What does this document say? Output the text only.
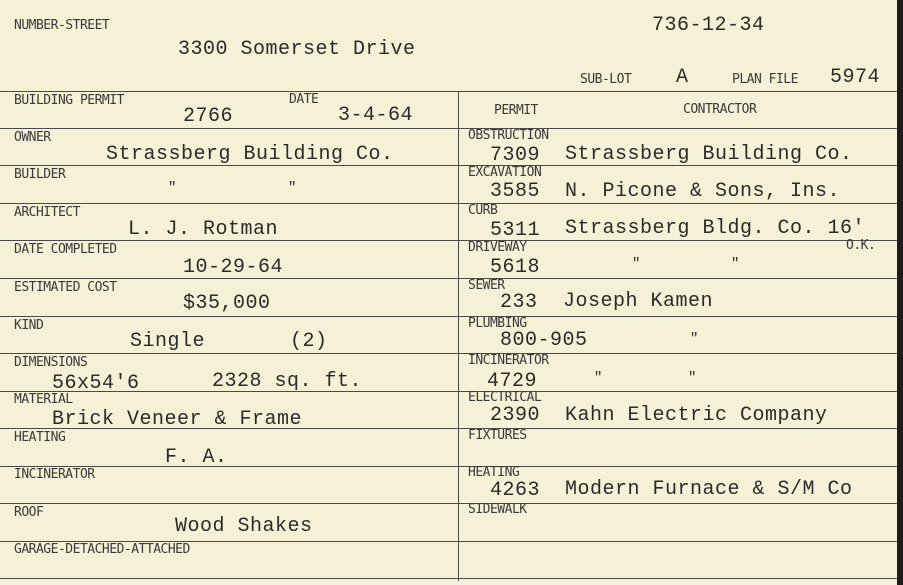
NUMBER-STREET
3300 Somerset Drive
736-12-34
SUB-LOT A	PLAN FILE 5974
BUILDING PERMIT
2766
DATE
3-4-64
OWNER
Strassberg Building Co.
BUILDER
"	"
ARCHITECT
L. J. Rotman
DATE COMPLETED
10-29-64
ESTIMATED COST
$35,000
KIND
Single	(2)
DIMENSIONS
56x54'6	2328 sq. ft.
MATERIAL
Brick Veneer & Frame
HEATING
F. A.
INCINERATOR
ROOF
Wood Shakes
GARAGE-DETACHED-ATTACHED
PERMIT	CONTRACTOR
OBSTRUCTION
7309 Strassberg Building Co.
EXCAVATION
3585 N. Picone & Sons, Ins.
CURB
5311 Strassberg Bldg. Co. 16'
O.K.
DRIVEWAY
5618	"	"
SEWER
233 Joseph Kamen
PLUMBING
800-905	"
INCINERATOR
4729	"	"
ELECTRICAL
2390 Kahn Electric Company
FIXTURES
HEATING
4263 Modern Furnace & S/M Co
SIDEWALK
